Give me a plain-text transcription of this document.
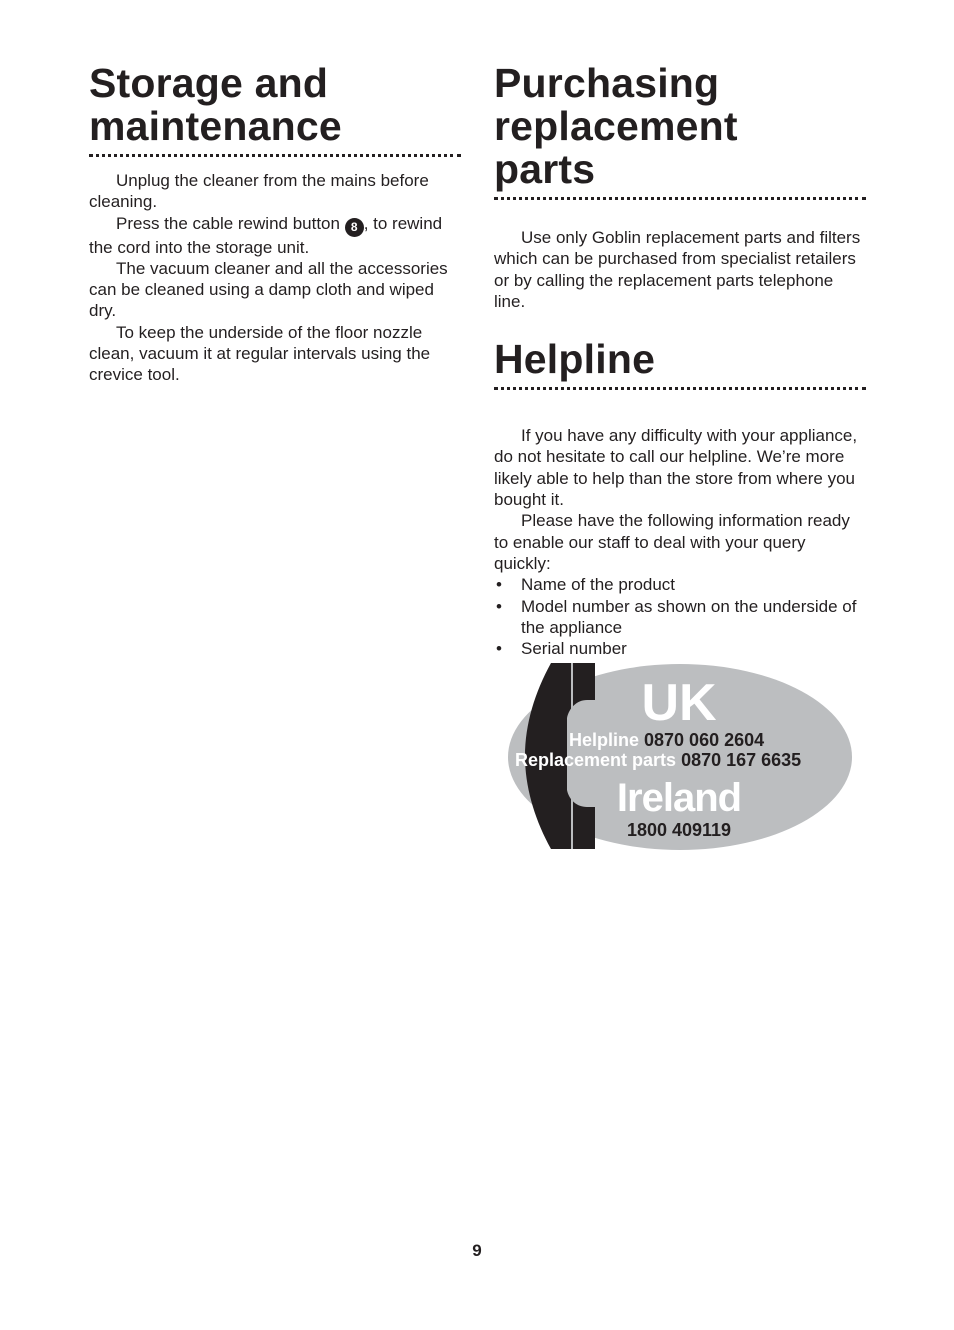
Storage and
maintenance

Unplug the cleaner from the mains before cleaning.

Press the cable rewind button 8 , to rewind the cord into the storage unit.

The vacuum cleaner and all the accessories can be cleaned using a damp cloth and wiped dry.

To keep the underside of the floor nozzle clean, vacuum it at regular intervals using the crevice tool.

Purchasing
replacement
parts

Use only Goblin replacement parts and filters which can be purchased from specialist retailers or by calling the replacement parts telephone line.

Helpline

If you have any difficulty with your appliance, do not hesitate to call our helpline. We’re more likely able to help than the store from where you bought it.

Please have the following information ready to enable our staff to deal with your query quickly:

• Name of the product
• Model number as shown on the underside of the appliance
• Serial number
UK
Helpline 0870 060 2604
Replacement parts 0870 167 6635
Ireland
1800 409119
9
